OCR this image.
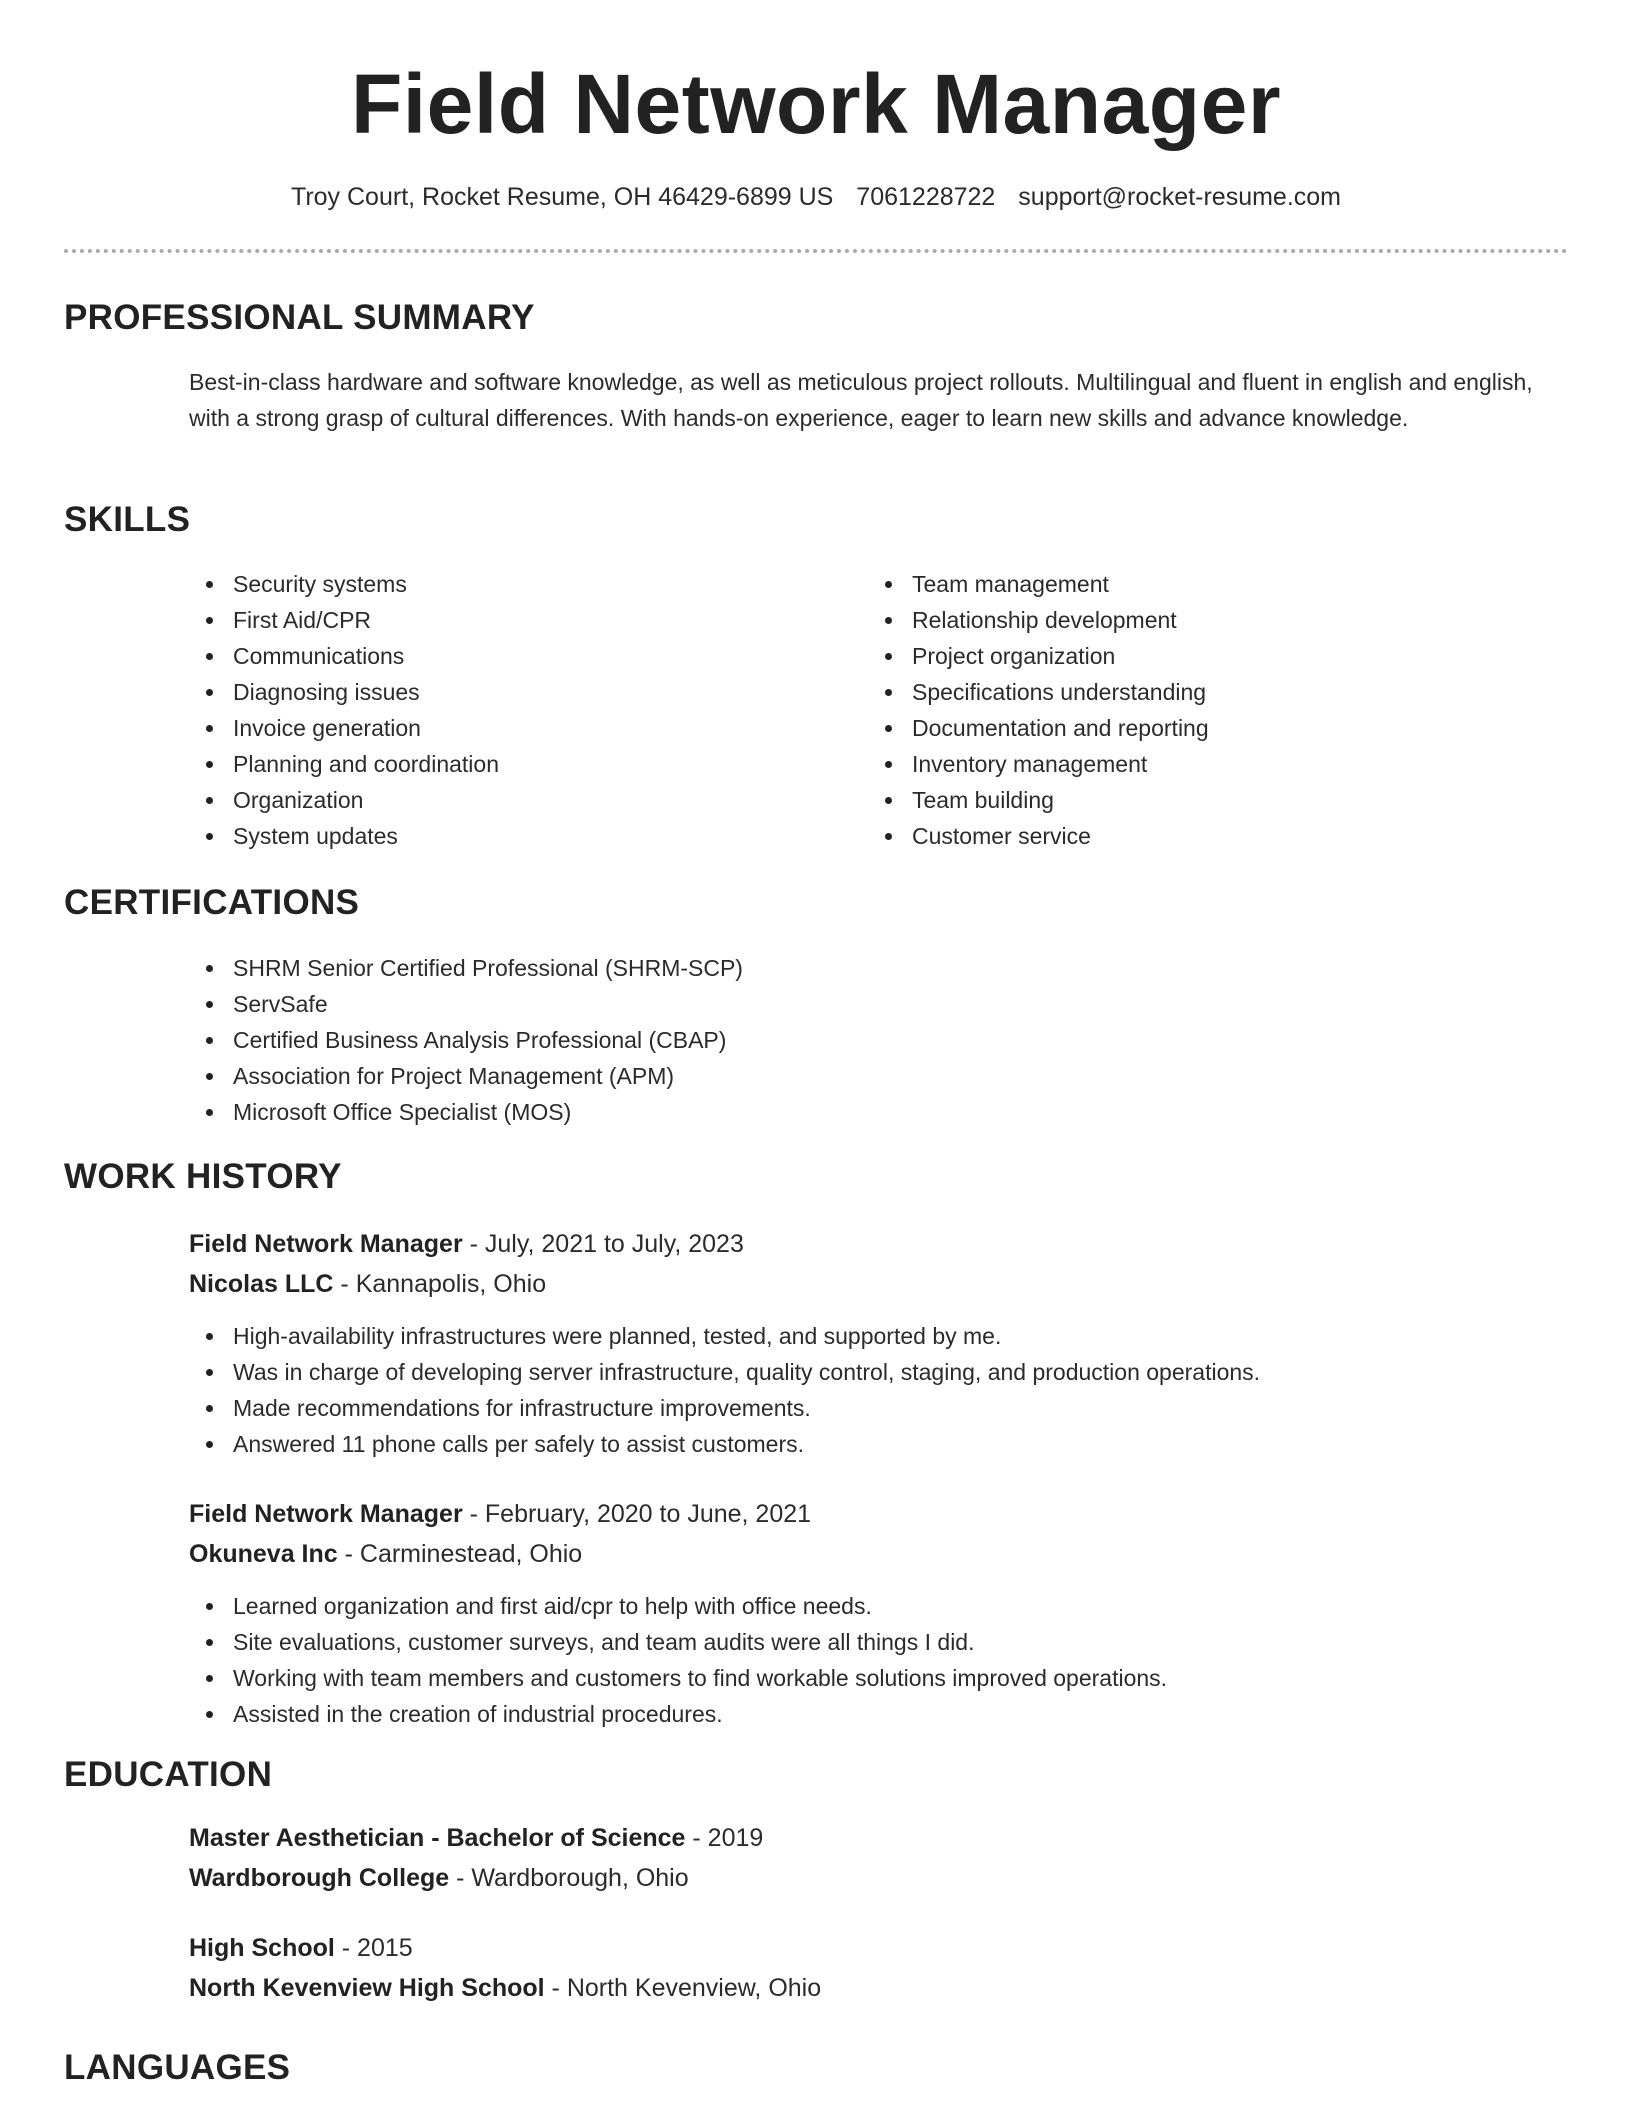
Field Network Manager
Troy Court, Rocket Resume, OH 46429-6899 US 7061228722 support@rocket-resume.com
PROFESSIONAL SUMMARY
Best-in-class hardware and software knowledge, as well as meticulous project rollouts. Multilingual and fluent in english and english, with a strong grasp of cultural differences. With hands-on experience, eager to learn new skills and advance knowledge.
SKILLS
Security systems
First Aid/CPR
Communications
Diagnosing issues
Invoice generation
Planning and coordination
Organization
System updates
Team management
Relationship development
Project organization
Specifications understanding
Documentation and reporting
Inventory management
Team building
Customer service
CERTIFICATIONS
SHRM Senior Certified Professional (SHRM-SCP)
ServSafe
Certified Business Analysis Professional (CBAP)
Association for Project Management (APM)
Microsoft Office Specialist (MOS)
WORK HISTORY
Field Network Manager - July, 2021 to July, 2023
Nicolas LLC - Kannapolis, Ohio
High-availability infrastructures were planned, tested, and supported by me.
Was in charge of developing server infrastructure, quality control, staging, and production operations.
Made recommendations for infrastructure improvements.
Answered 11 phone calls per safely to assist customers.
Field Network Manager - February, 2020 to June, 2021
Okuneva Inc - Carminestead, Ohio
Learned organization and first aid/cpr to help with office needs.
Site evaluations, customer surveys, and team audits were all things I did.
Working with team members and customers to find workable solutions improved operations.
Assisted in the creation of industrial procedures.
EDUCATION
Master Aesthetician - Bachelor of Science - 2019
Wardborough College - Wardborough, Ohio
High School - 2015
North Kevenview High School - North Kevenview, Ohio
LANGUAGES
